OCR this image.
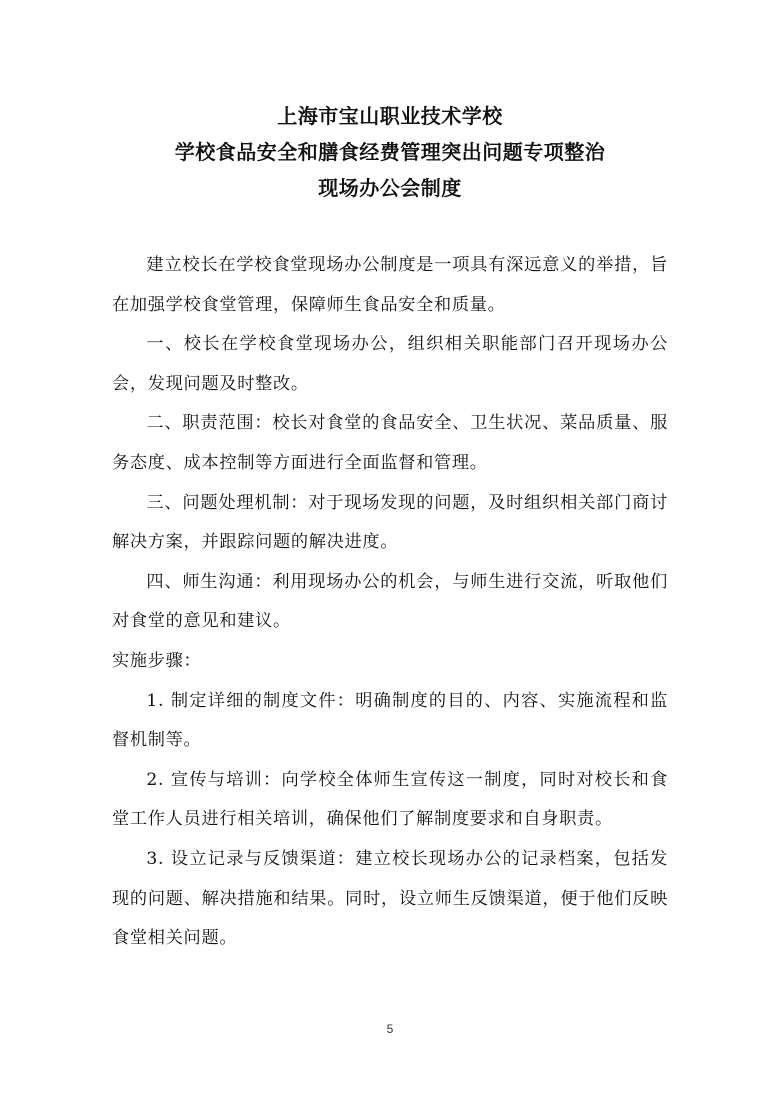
上海市宝山职业技术学校
学校食品安全和膳食经费管理突出问题专项整治
现场办公会制度

建立校长在学校食堂现场办公制度是一项具有深远意义的举措，旨在加强学校食堂管理，保障师生食品安全和质量。

一、校长在学校食堂现场办公，组织相关职能部门召开现场办公会，发现问题及时整改。

二、职责范围：校长对食堂的食品安全、卫生状况、菜品质量、服务态度、成本控制等方面进行全面监督和管理。

三、问题处理机制：对于现场发现的问题，及时组织相关部门商讨解决方案，并跟踪问题的解决进度。

四、师生沟通：利用现场办公的机会，与师生进行交流，听取他们对食堂的意见和建议。

实施步骤：

1. 制定详细的制度文件：明确制度的目的、内容、实施流程和监督机制等。

2. 宣传与培训：向学校全体师生宣传这一制度，同时对校长和食堂工作人员进行相关培训，确保他们了解制度要求和自身职责。

3. 设立记录与反馈渠道：建立校长现场办公的记录档案，包括发现的问题、解决措施和结果。同时，设立师生反馈渠道，便于他们反映食堂相关问题。

5
